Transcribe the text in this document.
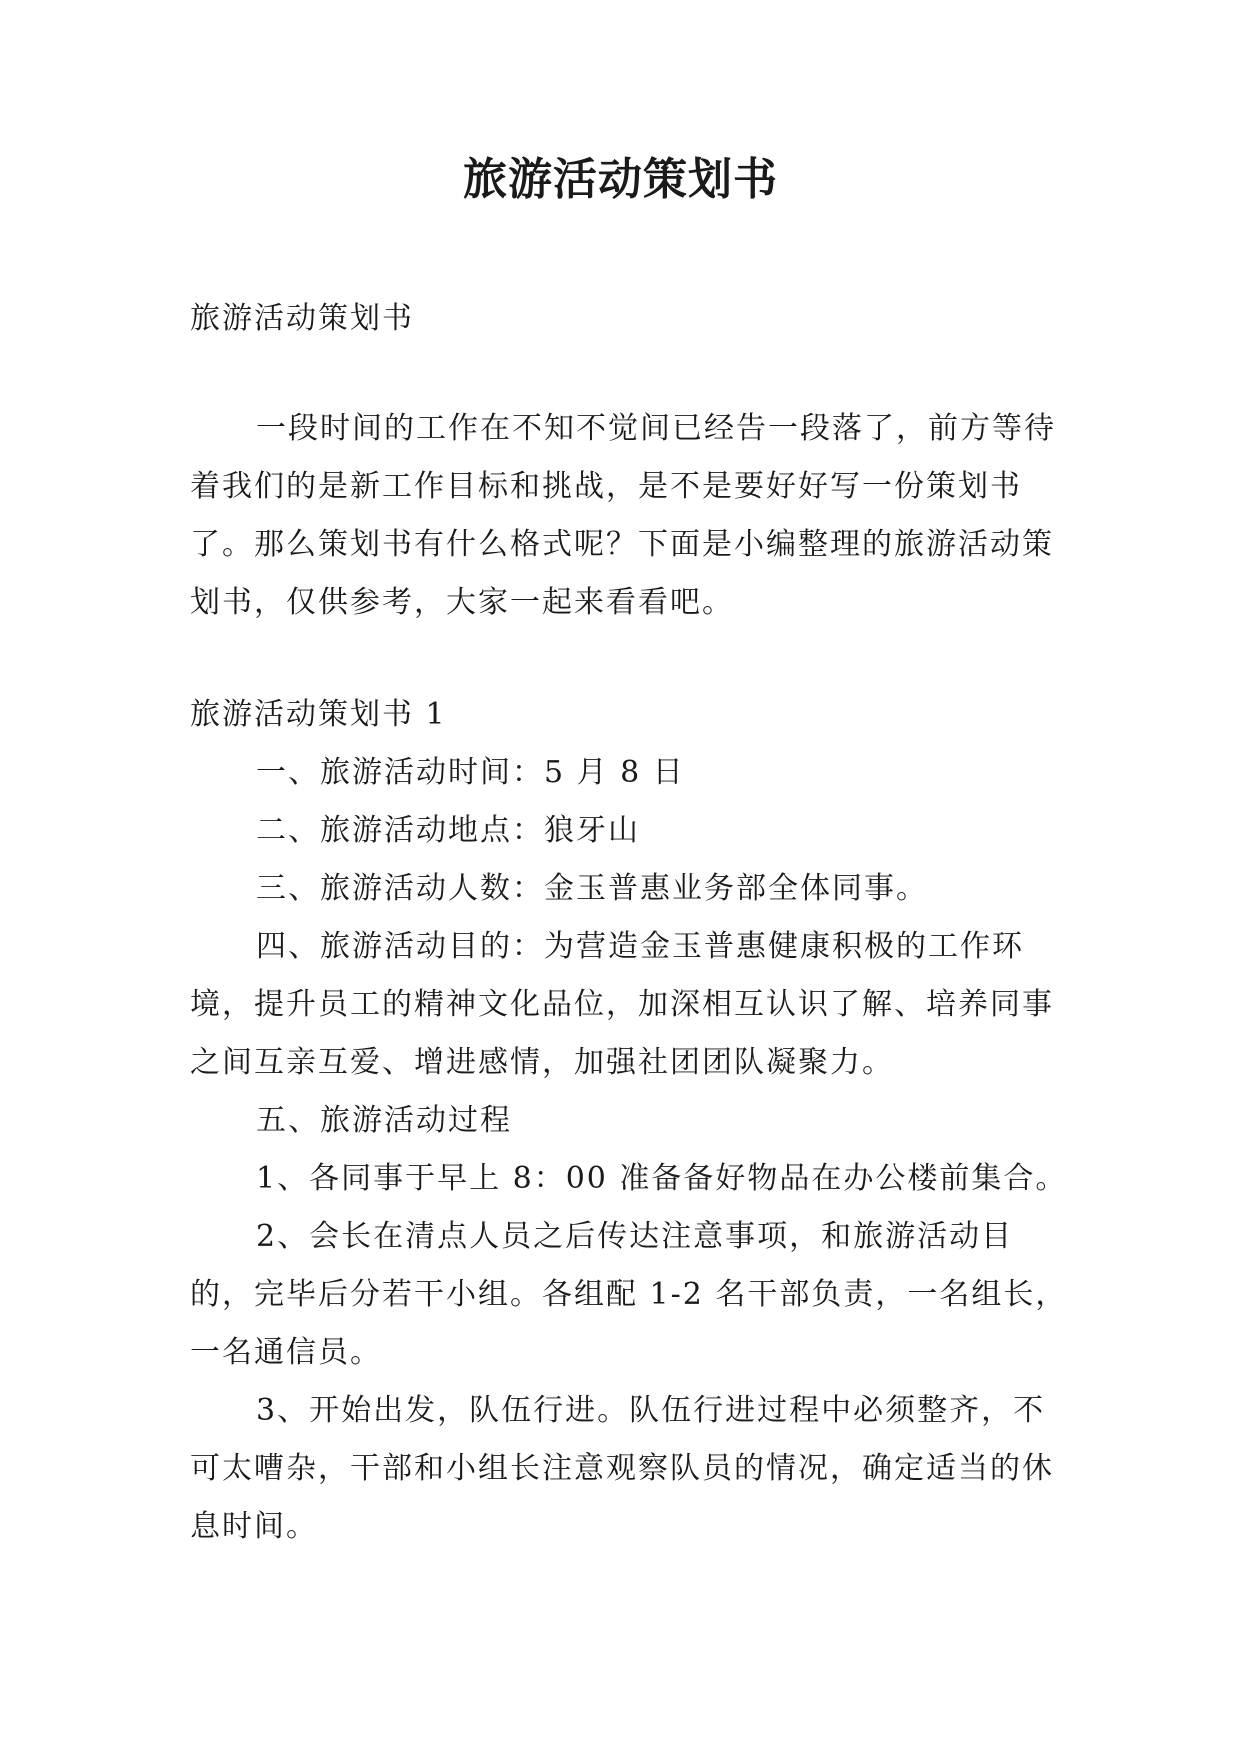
旅游活动策划书

旅游活动策划书

一段时间的工作在不知不觉间已经告一段落了，前方等待着我们的是新工作目标和挑战，是不是要好好写一份策划书了。那么策划书有什么格式呢？下面是小编整理的旅游活动策划书，仅供参考，大家一起来看看吧。

旅游活动策划书 1

一、旅游活动时间：5 月 8 日

二、旅游活动地点：狼牙山

三、旅游活动人数：金玉普惠业务部全体同事。

四、旅游活动目的：为营造金玉普惠健康积极的工作环境，提升员工的精神文化品位，加深相互认识了解、培养同事之间互亲互爱、增进感情，加强社团团队凝聚力。

五、旅游活动过程

1、各同事于早上 8：00 准备备好物品在办公楼前集合。

2、会长在清点人员之后传达注意事项，和旅游活动目的，完毕后分若干小组。各组配 1-2 名干部负责，一名组长，一名通信员。

3、开始出发，队伍行进。队伍行进过程中必须整齐，不可太嘈杂，干部和小组长注意观察队员的情况，确定适当的休息时间。
